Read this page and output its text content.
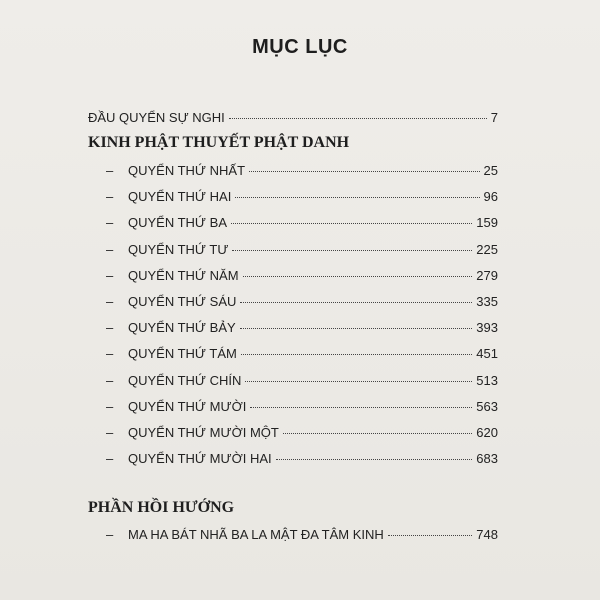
MỤC LỤC
ĐẦU QUYỂN SỰ NGHI	7
KINH PHẬT THUYẾT PHẬT DANH
– QUYỂN THỨ NHẤT	25
– QUYỂN THỨ HAI	96
– QUYỂN THỨ BA	159
– QUYỂN THỨ TƯ	225
– QUYỂN THỨ NĂM	279
– QUYỂN THỨ SÁU	335
– QUYỂN THỨ BẢY	393
– QUYỂN THỨ TÁM	451
– QUYỂN THỨ CHÍN	513
– QUYỂN THỨ MƯỜI	563
– QUYỂN THỨ MƯỜI MỘT	620
– QUYỂN THỨ MƯỜI HAI	683
PHẦN HỒI HƯỚNG
– MA HA BÁT NHÃ BA LA MẬT ĐA TÂM KINH	748
